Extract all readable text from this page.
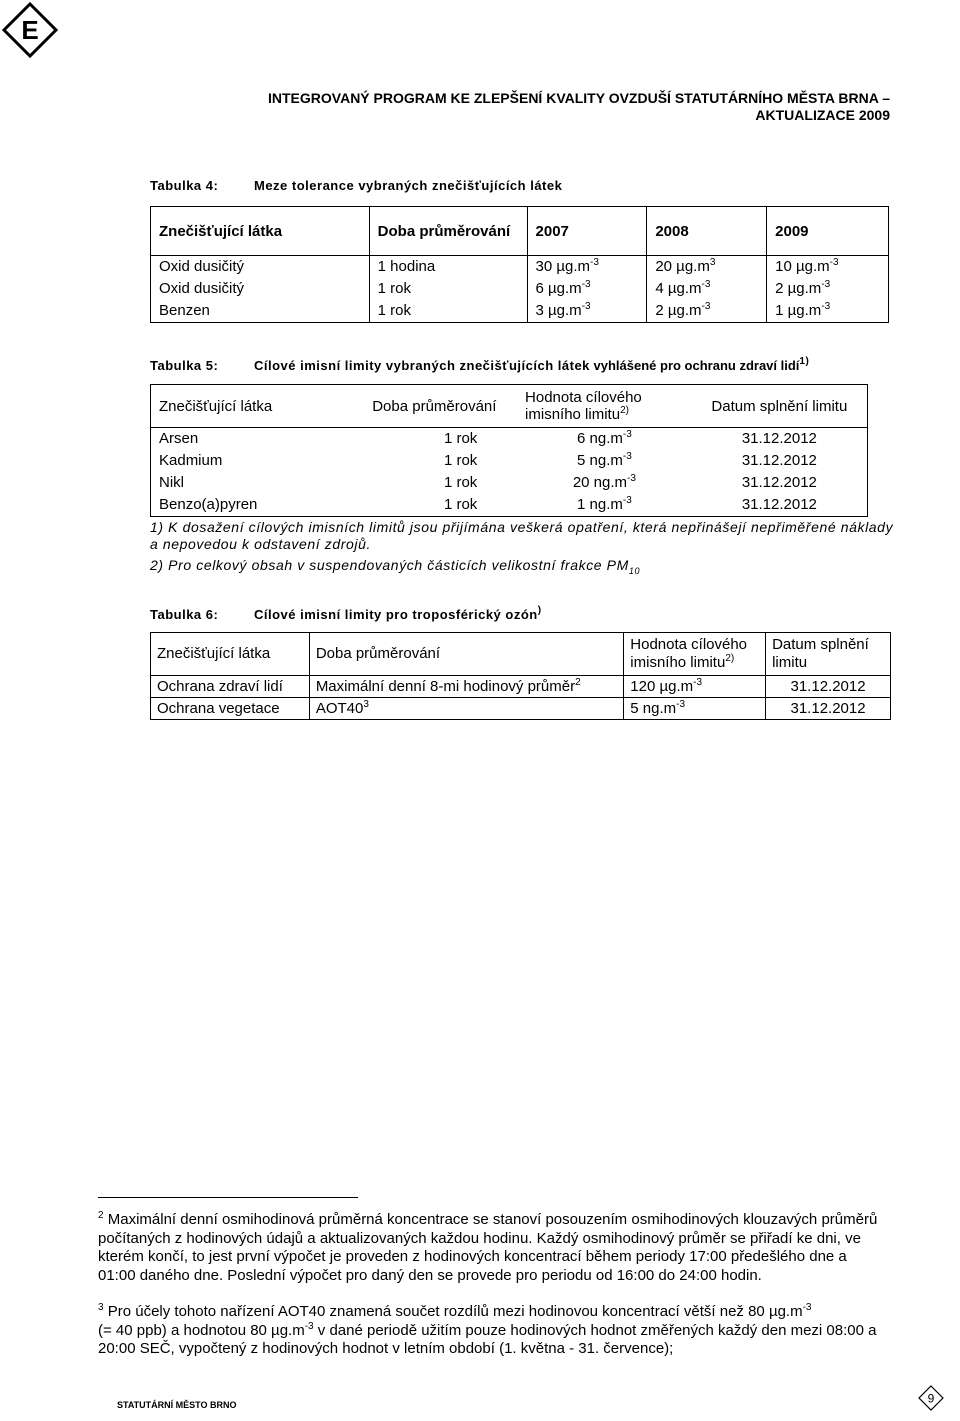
E
INTEGROVANÝ PROGRAM KE ZLEPŠENÍ KVALITY OVZDUŠÍ STATUTÁRNÍHO MĚSTA BRNA –
AKTUALIZACE 2009
Tabulka 4:	Meze tolerance vybraných znečišťujících látek
Znečišťující látka	Doba průměrování	2007	2008	2009
Oxid dusičitý	1 hodina	30 $\mu g.m^{-3}$	20 $\mu g.m^3$	10 $\mu g.m^{-3}$
Oxid dusičitý	1 rok	6 $\mu g.m^{-3}$	4 $\mu g.m^{-3}$	2 $\mu g.m^{-3}$
Benzen	1 rok	3 $\mu g.m^{-3}$	2 $\mu g.m^{-3}$	1 $\mu g.m^{-3}$
Tabulka 5:	Cílové imisní limity vybraných znečišťujících látek vyhlášené pro ochranu zdraví lidí$^{1)}$
Znečišťující látka	Doba průměrování	Hodnota cílového imisního limitu$^{2)}$	Datum splnění limitu
Arsen	1 rok	6 $ng.m^{-3}$	31.12.2012
Kadmium	1 rok	5 $ng.m^{-3}$	31.12.2012
Nikl	1 rok	20 $ng.m^{-3}$	31.12.2012
Benzo(a)pyren	1 rok	1 $ng.m^{-3}$	31.12.2012
1) K dosažení cílových imisních limitů jsou přijímána veškerá opatření, která nepřinášejí nepřiměřené náklady a nepovedou k odstavení zdrojů.
2) Pro celkový obsah v suspendovaných částicích velikostní frakce $PM_{10}$
Tabulka 6:	Cílové imisní limity pro troposférický ozón)
Znečišťující látka	Doba průměrování	Hodnota cílového imisního limitu$^{2)}$	Datum splnění limitu
Ochrana zdraví lidí	Maximální denní 8-mi hodinový průměr$^2$	120 $\mu g.m^{-3}$	31.12.2012
Ochrana vegetace	$AOT40^3$	5 $ng.m^{-3}$	31.12.2012
$^2$ Maximální denní osmihodinová průměrná koncentrace se stanoví posouzením osmihodinových klouzavých průměrů počítaných z hodinových údajů a aktualizovaných každou hodinu. Každý osmihodinový průměr se přiřadí ke dni, ve kterém končí, to jest první výpočet je proveden z hodinových koncentrací během periody 17:00 předešlého dne a 01:00 daného dne. Poslední výpočet pro daný den se provede pro periodu od 16:00 do 24:00 hodin.
$^3$ Pro účely tohoto nařízení AOT40 znamená součet rozdílů mezi hodinovou koncentrací větší než 80 $\mu g.m^{-3}$
(= 40 ppb) a hodnotou 80 $\mu g.m^{-3}$ v dané periodě užitím pouze hodinových hodnot změřených každý den mezi 08:00 a 20:00 SEČ, vypočtený z hodinových hodnot v letním období (1. května - 31. července);
STATUTÁRNÍ MĚSTO BRNO	9
